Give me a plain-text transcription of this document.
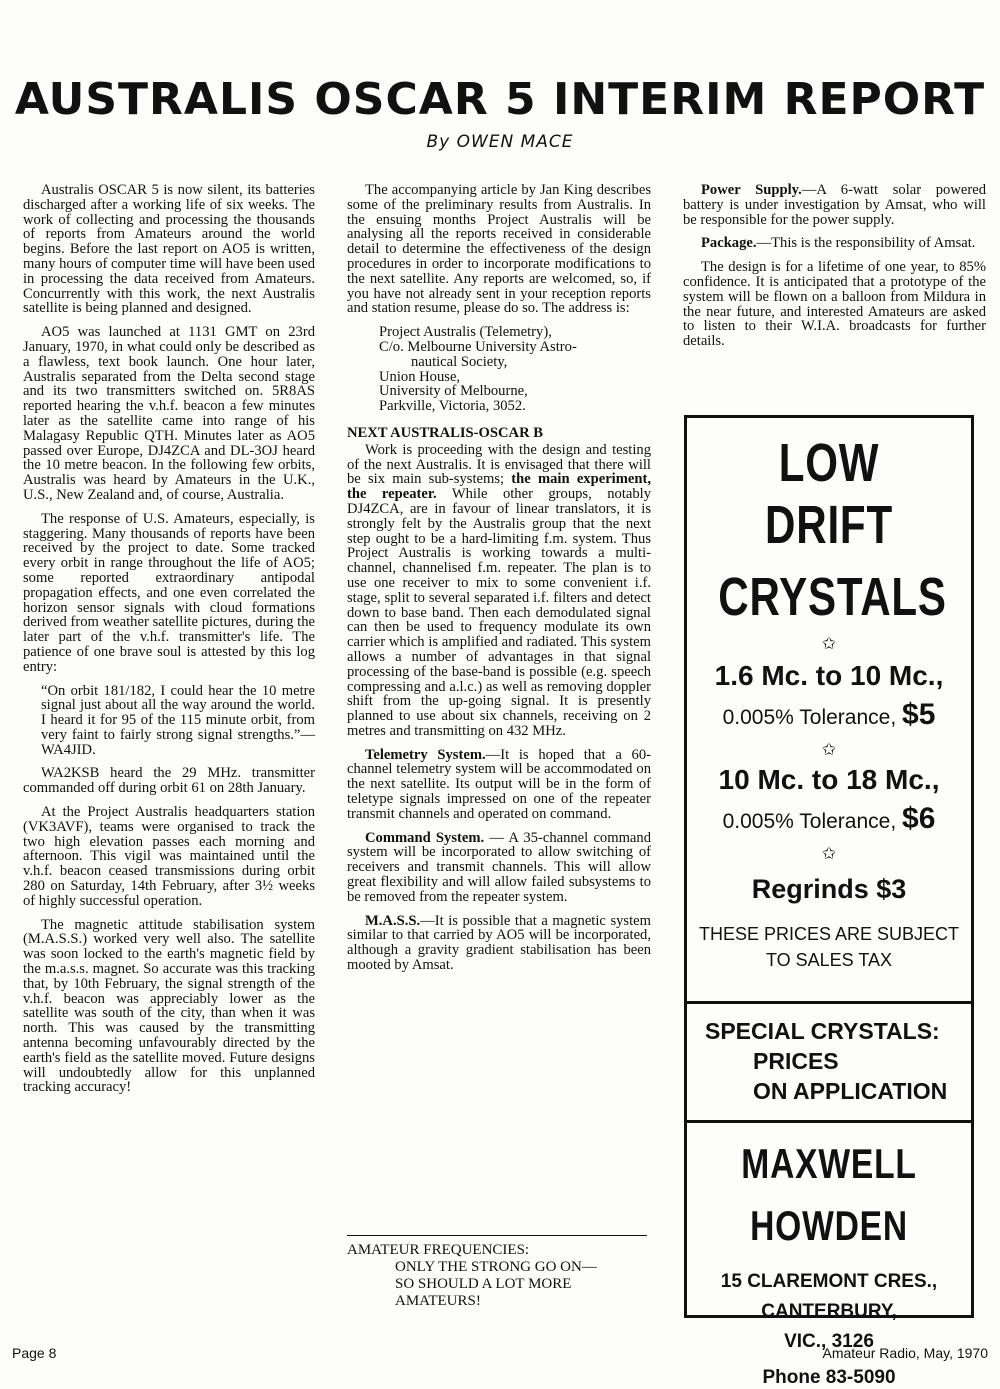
AUSTRALIS OSCAR 5 INTERIM REPORT
By OWEN MACE

Australis OSCAR 5 is now silent, its batteries discharged after a working life of six weeks. The work of collecting and processing the thousands of reports from Amateurs around the world begins. Before the last report on AO5 is written, many hours of computer time will have been used in processing the data received from Amateurs. Concurrently with this work, the next Australis satellite is being planned and designed.

AO5 was launched at 1131 GMT on 23rd January, 1970, in what could only be described as a flawless, text book launch. One hour later, Australis separated from the Delta second stage and its two transmitters switched on. 5R8AS reported hearing the v.h.f. beacon a few minutes later as the satellite came into range of his Malagasy Republic QTH. Minutes later as AO5 passed over Europe, DJ4ZCA and DL-3OJ heard the 10 metre beacon. In the following few orbits, Australis was heard by Amateurs in the U.K., U.S., New Zealand and, of course, Australia.

The response of U.S. Amateurs, especially, is staggering. Many thousands of reports have been received by the project to date. Some tracked every orbit in range throughout the life of AO5; some reported extraordinary antipodal propagation effects, and one even correlated the horizon sensor signals with cloud formations derived from weather satellite pictures, during the later part of the v.h.f. transmitter's life. The patience of one brave soul is attested by this log entry:

“On orbit 181/182, I could hear the 10 metre signal just about all the way around the world. I heard it for 95 of the 115 minute orbit, from very faint to fairly strong signal strengths.”—WA4JID.

WA2KSB heard the 29 MHz. transmitter commanded off during orbit 61 on 28th January.

At the Project Australis headquarters station (VK3AVF), teams were organised to track the two high elevation passes each morning and afternoon. This vigil was maintained until the v.h.f. beacon ceased transmissions during orbit 280 on Saturday, 14th February, after 3½ weeks of highly successful operation.

The magnetic attitude stabilisation system (M.A.S.S.) worked very well also. The satellite was soon locked to the earth's magnetic field by the m.a.s.s. magnet. So accurate was this tracking that, by 10th February, the signal strength of the v.h.f. beacon was appreciably lower as the satellite was south of the city, than when it was north. This was caused by the transmitting antenna becoming unfavourably directed by the earth's field as the satellite moved. Future designs will undoubtedly allow for this unplanned tracking accuracy!

The accompanying article by Jan King describes some of the preliminary results from Australis. In the ensuing months Project Australis will be analysing all the reports received in considerable detail to determine the effectiveness of the design procedures in order to incorporate modifications to the next satellite. Any reports are welcomed, so, if you have not already sent in your reception reports and station resume, please do so. The address is:

Project Australis (Telemetry),
C/o. Melbourne University Astro-
nautical Society,
Union House,
University of Melbourne,
Parkville, Victoria, 3052.

NEXT AUSTRALIS-OSCAR B

Work is proceeding with the design and testing of the next Australis. It is envisaged that there will be six main sub-systems; the main experiment, the repeater. While other groups, notably DJ4ZCA, are in favour of linear translators, it is strongly felt by the Australis group that the next step ought to be a hard-limiting f.m. system. Thus Project Australis is working towards a multi-channel, channelised f.m. repeater. The plan is to use one receiver to mix to some convenient i.f. stage, split to several separated i.f. filters and detect down to base band. Then each demodulated signal can then be used to frequency modulate its own carrier which is amplified and radiated. This system allows a number of advantages in that signal processing of the base-band is possible (e.g. speech compressing and a.l.c.) as well as removing doppler shift from the up-going signal. It is presently planned to use about six channels, receiving on 2 metres and transmitting on 432 MHz.

Telemetry System.—It is hoped that a 60-channel telemetry system will be accommodated on the next satellite. Its output will be in the form of teletype signals impressed on one of the repeater transmit channels and operated on command.

Command System. — A 35-channel command system will be incorporated to allow switching of receivers and transmit channels. This will allow great flexibility and will allow failed subsystems to be removed from the repeater system.

M.A.S.S.—It is possible that a magnetic system similar to that carried by AO5 will be incorporated, although a gravity gradient stabilisation has been mooted by Amsat.

Power Supply.—A 6-watt solar powered battery is under investigation by Amsat, who will be responsible for the power supply.

Package.—This is the responsibility of Amsat.

The design is for a lifetime of one year, to 85% confidence. It is anticipated that a prototype of the system will be flown on a balloon from Mildura in the near future, and interested Amateurs are asked to listen to their W.I.A. broadcasts for further details.

LOW DRIFT
CRYSTALS
✩
1.6 Mc. to 10 Mc.,
0.005% Tolerance, $5
✩
10 Mc. to 18 Mc.,
0.005% Tolerance, $6
✩
Regrinds $3
THESE PRICES ARE SUBJECT
TO SALES TAX
SPECIAL CRYSTALS:
PRICES
ON APPLICATION
MAXWELL HOWDEN
15 CLAREMONT CRES.,
CANTERBURY,
VIC., 3126
Phone 83-5090
AMATEUR FREQUENCIES:
ONLY THE STRONG GO ON—
SO SHOULD A LOT MORE
AMATEURS!
Page 8	Amateur Radio, May, 1970
